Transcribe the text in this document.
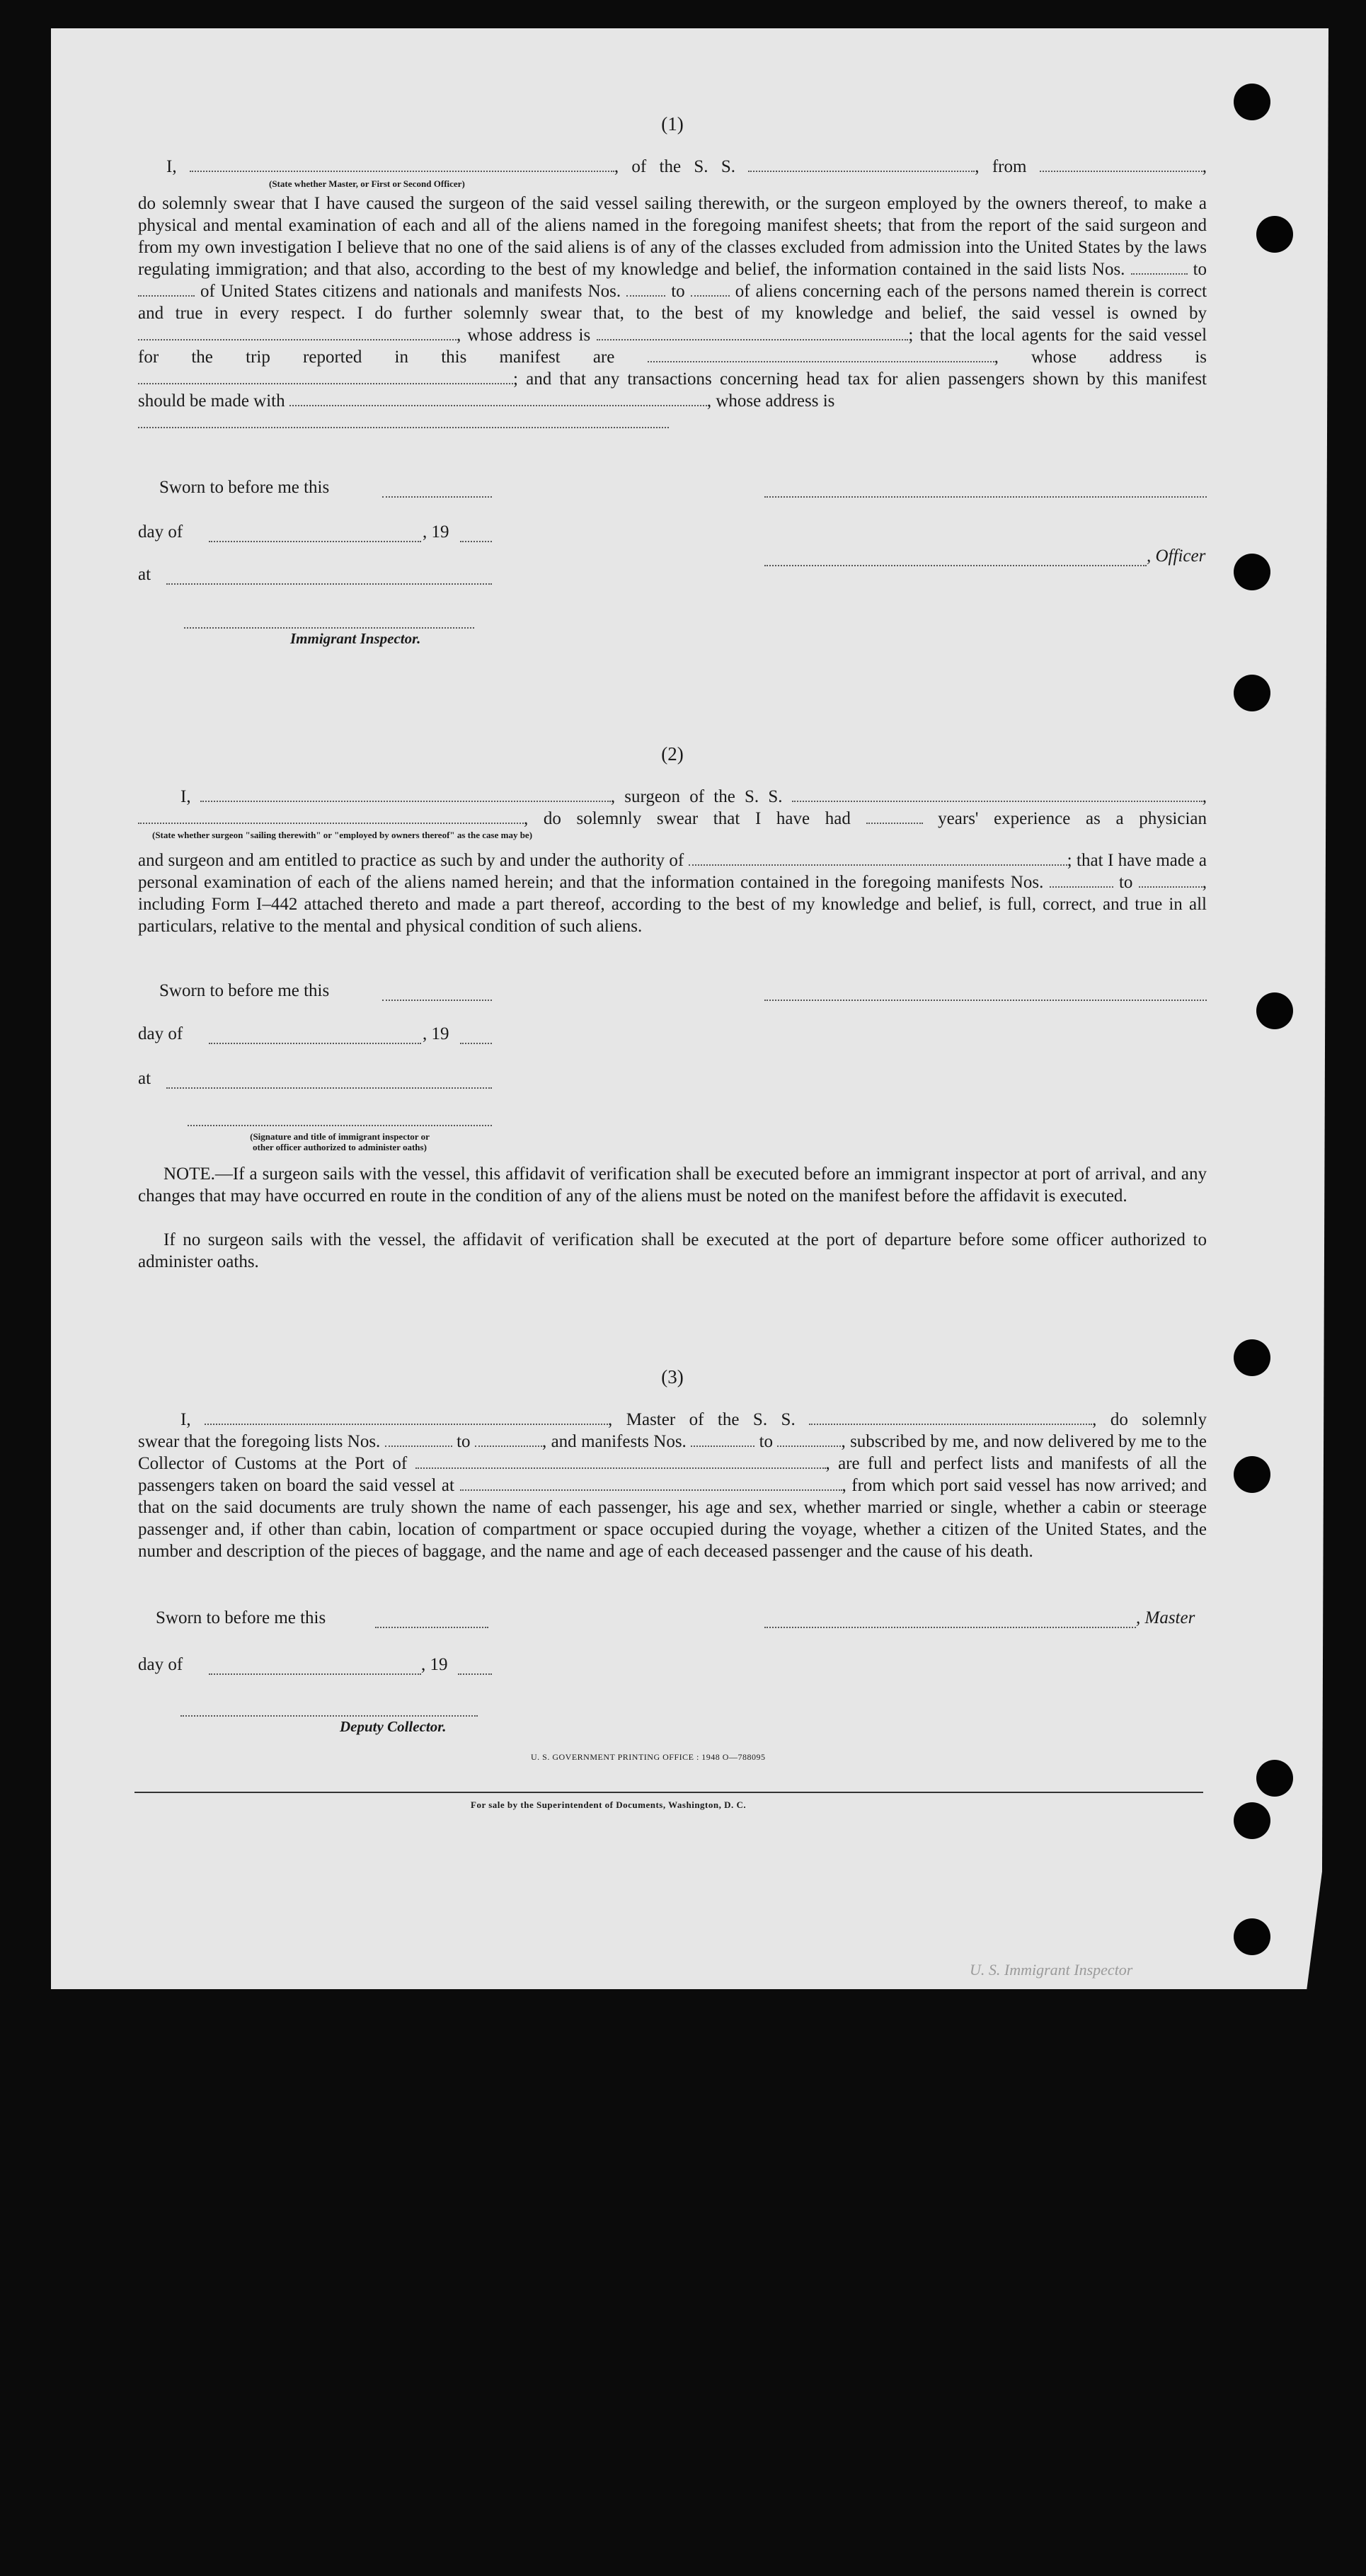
(1)
I,	, of the S. S.	, from	,
(State whether Master, or First or Second Officer)
do solemnly swear that I have caused the surgeon of the said vessel sailing therewith, or the surgeon employed by the owners thereof, to make a physical and mental examination of each and all of the aliens named in the foregoing manifest sheets; that from the report of the said surgeon and from my own investigation I believe that no one of the said aliens is of any of the classes excluded from admission into the United States by the laws regulating immigration; and that also, according to the best of my knowledge and belief, the information contained in the said lists Nos.	to  of United States citizens and nationals and manifests Nos.	to	of aliens concerning each of the persons named therein is correct and true in every respect. I do further solemnly swear that, to the best of my knowledge and belief, the said vessel is owned by , whose address is	; that the local agents for the said vessel for the trip reported in this manifest are	, whose address is ; and that any transactions concerning head tax for alien passengers shown by this manifest should be made with	, whose address is

Sworn to before me this
day of	, 19
, Officer
at
Immigrant Inspector.
(2)
I,	, surgeon of the S. S.	,
, do solemnly swear that I have had	years' experience as a physician
(State whether surgeon "sailing therewith" or "employed by owners thereof" as the case may be)
and surgeon and am entitled to practice as such by and under the authority of	; that I have made a personal examination of each of the aliens named herein; and that the information contained in the foregoing manifests Nos.	to	, including Form I–442 attached thereto and made a part thereof, according to the best of my knowledge and belief, is full, correct, and true in all particulars, relative to the mental and physical condition of such aliens.
Sworn to before me this
day of	, 19
at
(Signature and title of immigrant inspector or
other officer authorized to administer oaths)
NOTE.—If a surgeon sails with the vessel, this affidavit of verification shall be executed before an immigrant inspector at port of arrival, and any changes that may have occurred en route in the condition of any of the aliens must be noted on the manifest before the affidavit is executed.
If no surgeon sails with the vessel, the affidavit of verification shall be executed at the port of departure before some officer authorized to administer oaths.
(3)
I,	, Master of the S. S.	, do solemnly
swear that the foregoing lists Nos.	to	, and manifests Nos.	to	, subscribed by me, and now delivered by me to the Collector of Customs at the Port of	, are full and perfect lists and manifests of all the passengers taken on board the said vessel at	, from which port said vessel has now arrived; and that on the said documents are truly shown the name of each passenger, his age and sex, whether married or single, whether a cabin or steerage passenger and, if other than cabin, location of compartment or space occupied during the voyage, whether a citizen of the United States, and the number and description of the pieces of baggage, and the name and age of each deceased passenger and the cause of his death.
Sworn to before me this	, Master
day of	, 19
Deputy Collector.
U. S. GOVERNMENT PRINTING OFFICE : 1948 O—788095
For sale by the Superintendent of Documents, Washington, D. C.
U. S. Immigrant Inspector
